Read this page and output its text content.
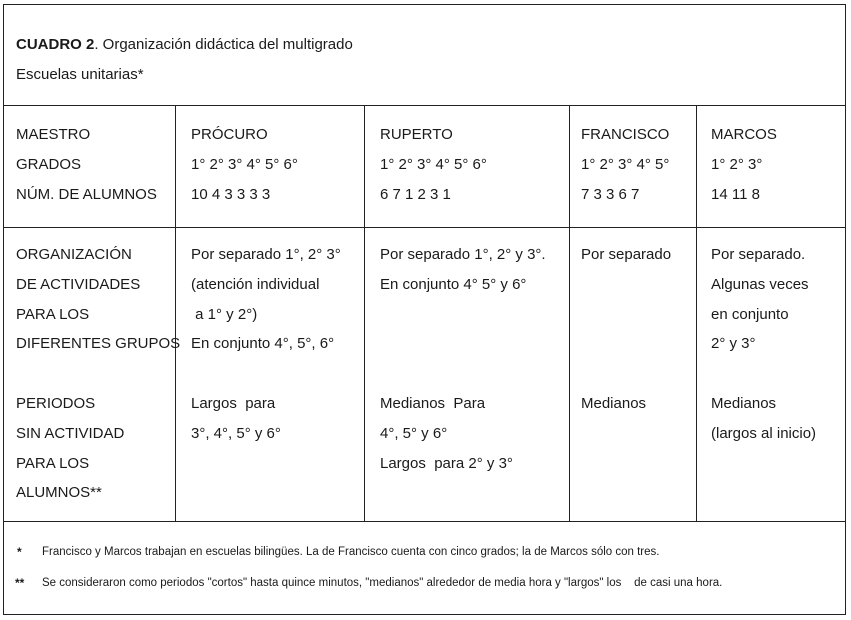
CUADRO 2. Organización didáctica del multigrado
Escuelas unitarias*
MAESTRO
GRADOS
NÚM. DE ALUMNOS
PRÓCURO
1° 2° 3° 4° 5° 6°
10 4 3 3 3 3
RUPERTO
1° 2° 3° 4° 5° 6°
6 7 1 2 3 1
FRANCISCO
1° 2° 3° 4° 5°
7 3 3 6 7
MARCOS
1° 2° 3°
14 11 8
ORGANIZACIÓN
DE ACTIVIDADES
PARA LOS
DIFERENTES GRUPOS
Por separado 1°, 2° 3°
(atención individual
a 1° y 2°)
En conjunto 4°, 5°, 6°
Por separado 1°, 2° y 3°.
En conjunto 4° 5° y 6°
Por separado	Por separado.
Algunas veces
en conjunto
2° y 3°
PERIODOS
SIN ACTIVIDAD
PARA LOS
ALUMNOS**
Largos  para
3°, 4°, 5° y 6°
Medianos  Para
4°, 5° y 6°
Largos  para 2° y 3°
Medianos	Medianos
(largos al inicio)
* Francisco y Marcos trabajan en escuelas bilingües. La de Francisco cuenta con cinco grados; la de Marcos sólo con tres.
** Se consideraron como periodos "cortos" hasta quince minutos, "medianos" alrededor de media hora y "largos" los    de casi una hora.
